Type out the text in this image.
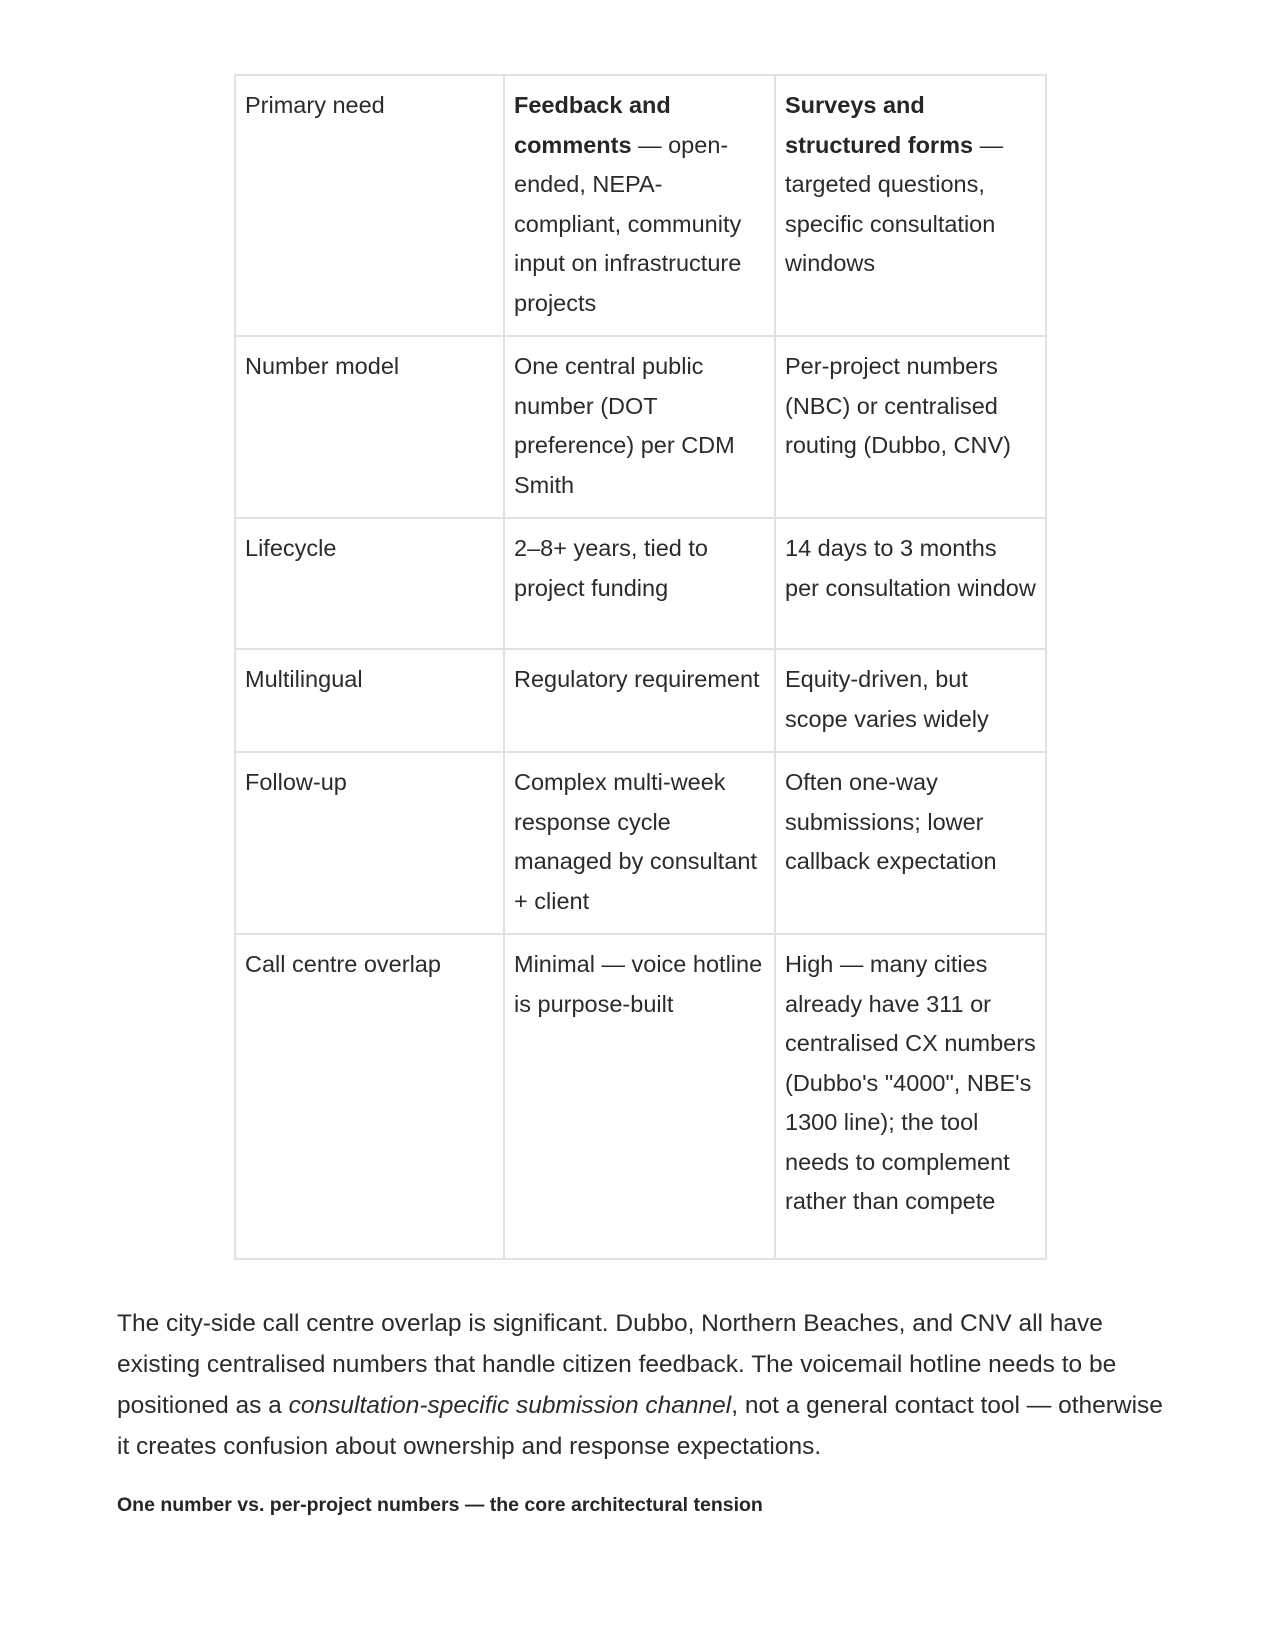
Primary need	Feedback and comments — open-ended, NEPA-compliant, community input on infrastructure projects	Surveys and structured forms — targeted questions, specific consultation windows
Number model	One central public number (DOT preference) per CDM Smith	Per-project numbers (NBC) or centralised routing (Dubbo, CNV)
Lifecycle	2–8+ years, tied to project funding	14 days to 3 months per consultation window
Multilingual	Regulatory requirement	Equity-driven, but scope varies widely
Follow-up	Complex multi-week response cycle managed by consultant + client	Often one-way submissions; lower callback expectation
Call centre overlap	Minimal — voice hotline is purpose-built	High — many cities already have 311 or centralised CX numbers (Dubbo's "4000", NBE's 1300 line); the tool needs to complement rather than compete

The city-side call centre overlap is significant. Dubbo, Northern Beaches, and CNV all have existing centralised numbers that handle citizen feedback. The voicemail hotline needs to be positioned as a consultation-specific submission channel, not a general contact tool — otherwise it creates confusion about ownership and response expectations.

One number vs. per-project numbers — the core architectural tension
